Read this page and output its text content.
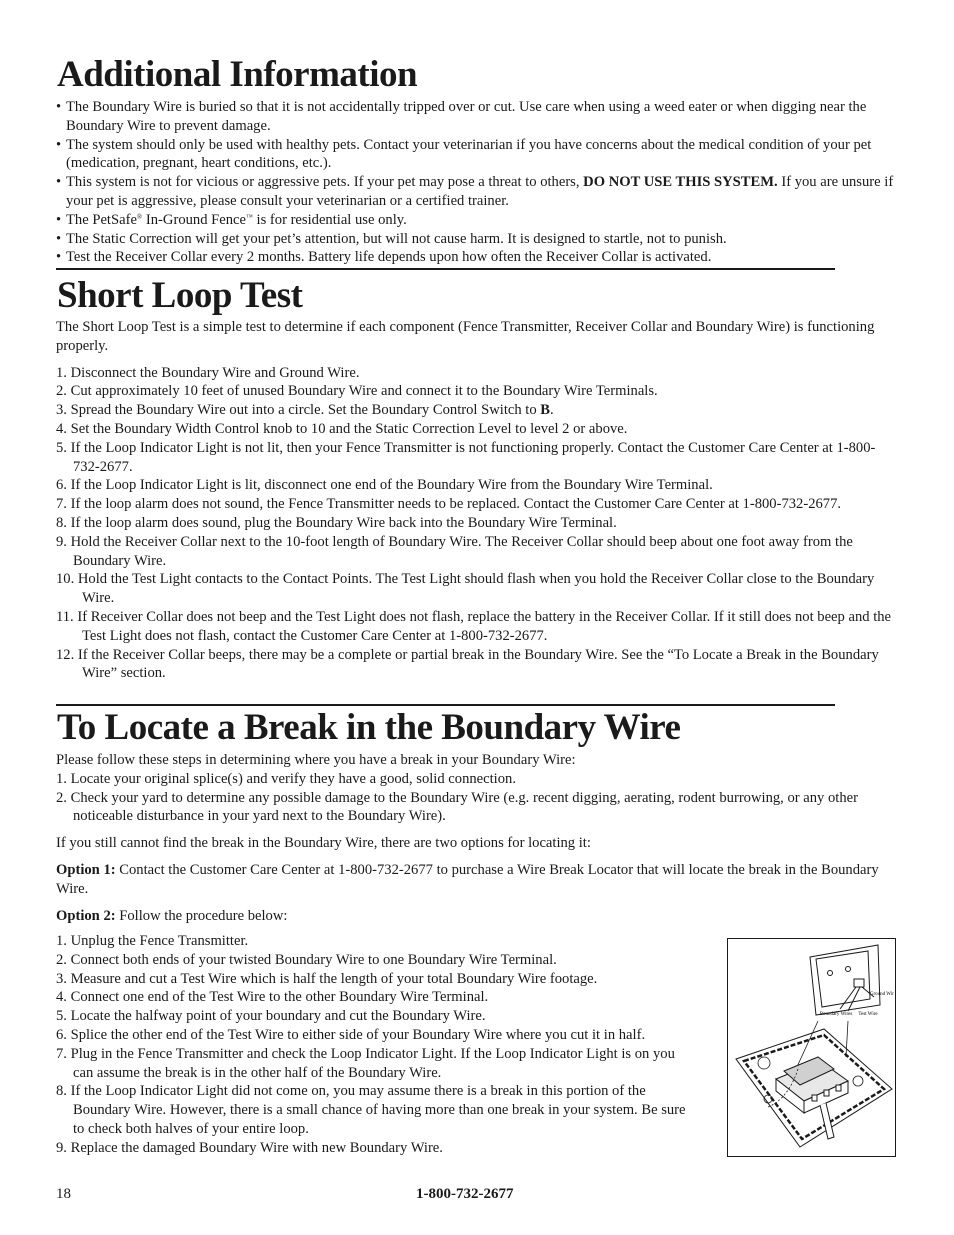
Additional Information
• The Boundary Wire is buried so that it is not accidentally tripped over or cut. Use care when using a weed eater or when digging near the Boundary Wire to prevent damage.
• The system should only be used with healthy pets. Contact your veterinarian if you have concerns about the medical condition of your pet (medication, pregnant, heart conditions, etc.).
• This system is not for vicious or aggressive pets. If your pet may pose a threat to others, DO NOT USE THIS SYSTEM. If you are unsure if your pet is aggressive, please consult your veterinarian or a certified trainer.
• The PetSafe® In-Ground Fence™ is for residential use only.
• The Static Correction will get your pet’s attention, but will not cause harm. It is designed to startle, not to punish.
• Test the Receiver Collar every 2 months. Battery life depends upon how often the Receiver Collar is activated.
Short Loop Test

The Short Loop Test is a simple test to determine if each component (Fence Transmitter, Receiver Collar and Boundary Wire) is functioning properly.

1. Disconnect the Boundary Wire and Ground Wire.
2. Cut approximately 10 feet of unused Boundary Wire and connect it to the Boundary Wire Terminals.
3. Spread the Boundary Wire out into a circle. Set the Boundary Control Switch to B.
4. Set the Boundary Width Control knob to 10 and the Static Correction Level to level 2 or above.
5. If the Loop Indicator Light is not lit, then your Fence Transmitter is not functioning properly. Contact the Customer Care Center at 1-800-732-2677.
6. If the Loop Indicator Light is lit, disconnect one end of the Boundary Wire from the Boundary Wire Terminal.
7. If the loop alarm does not sound, the Fence Transmitter needs to be replaced. Contact the Customer Care Center at 1-800-732-2677.
8. If the loop alarm does sound, plug the Boundary Wire back into the Boundary Wire Terminal.
9. Hold the Receiver Collar next to the 10-foot length of Boundary Wire. The Receiver Collar should beep about one foot away from the Boundary Wire.
10. Hold the Test Light contacts to the Contact Points. The Test Light should flash when you hold the Receiver Collar close to the Boundary Wire.
11. If Receiver Collar does not beep and the Test Light does not flash, replace the battery in the Receiver Collar. If it still does not beep and the Test Light does not flash, contact the Customer Care Center at 1-800-732-2677.
12. If the Receiver Collar beeps, there may be a complete or partial break in the Boundary Wire. See the “To Locate a Break in the Boundary Wire” section.
To Locate a Break in the Boundary Wire

Please follow these steps in determining where you have a break in your Boundary Wire:

1. Locate your original splice(s) and verify they have a good, solid connection.
2. Check your yard to determine any possible damage to the Boundary Wire (e.g. recent digging, aerating, rodent burrowing, or any other noticeable disturbance in your yard next to the Boundary Wire).

If you still cannot find the break in the Boundary Wire, there are two options for locating it:

Option 1: Contact the Customer Care Center at 1-800-732-2677 to purchase a Wire Break Locator that will locate the break in the Boundary Wire.

Option 2: Follow the procedure below:

1. Unplug the Fence Transmitter.
2. Connect both ends of your twisted Boundary Wire to one Boundary Wire Terminal.
3. Measure and cut a Test Wire which is half the length of your total Boundary Wire footage.
4. Connect one end of the Test Wire to the other Boundary Wire Terminal.
5. Locate the halfway point of your boundary and cut the Boundary Wire.
6. Splice the other end of the Test Wire to either side of your Boundary Wire where you cut it in half.
7. Plug in the Fence Transmitter and check the Loop Indicator Light. If the Loop Indicator Light is on you can assume the break is in the other half of the Boundary Wire.
8. If the Loop Indicator Light did not come on, you may assume there is a break in this portion of the Boundary Wire. However, there is a small chance of having more than one break in your system. Be sure to check both halves of your entire loop.
9. Replace the damaged Boundary Wire with new Boundary Wire.
Ground Wire
Boundary Wires Test Wire
18	1-800-732-2677
